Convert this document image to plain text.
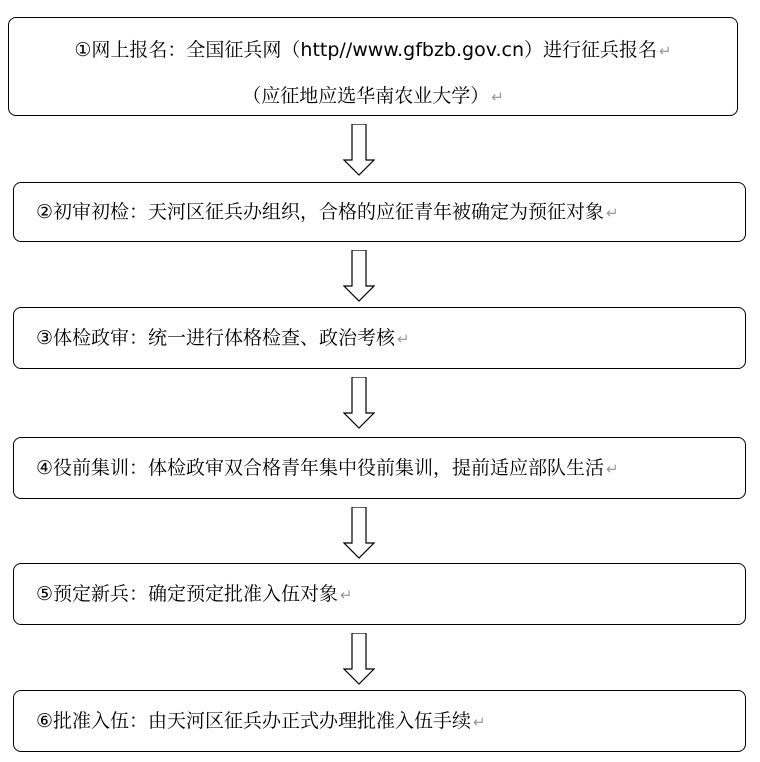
①网上报名：全国征兵网（http//www.gfbzb.gov.cn）进行征兵报名 ↵
（应征地应选华南农业大学） ↵
②初审初检：天河区征兵办组织，合格的应征青年被确定为预征对象 ↵
③体检政审：统一进行体格检查、政治考核 ↵
④役前集训：体检政审双合格青年集中役前集训，提前适应部队生活 ↵
⑤预定新兵：确定预定批准入伍对象 ↵
⑥批准入伍：由天河区征兵办正式办理批准入伍手续 ↵
